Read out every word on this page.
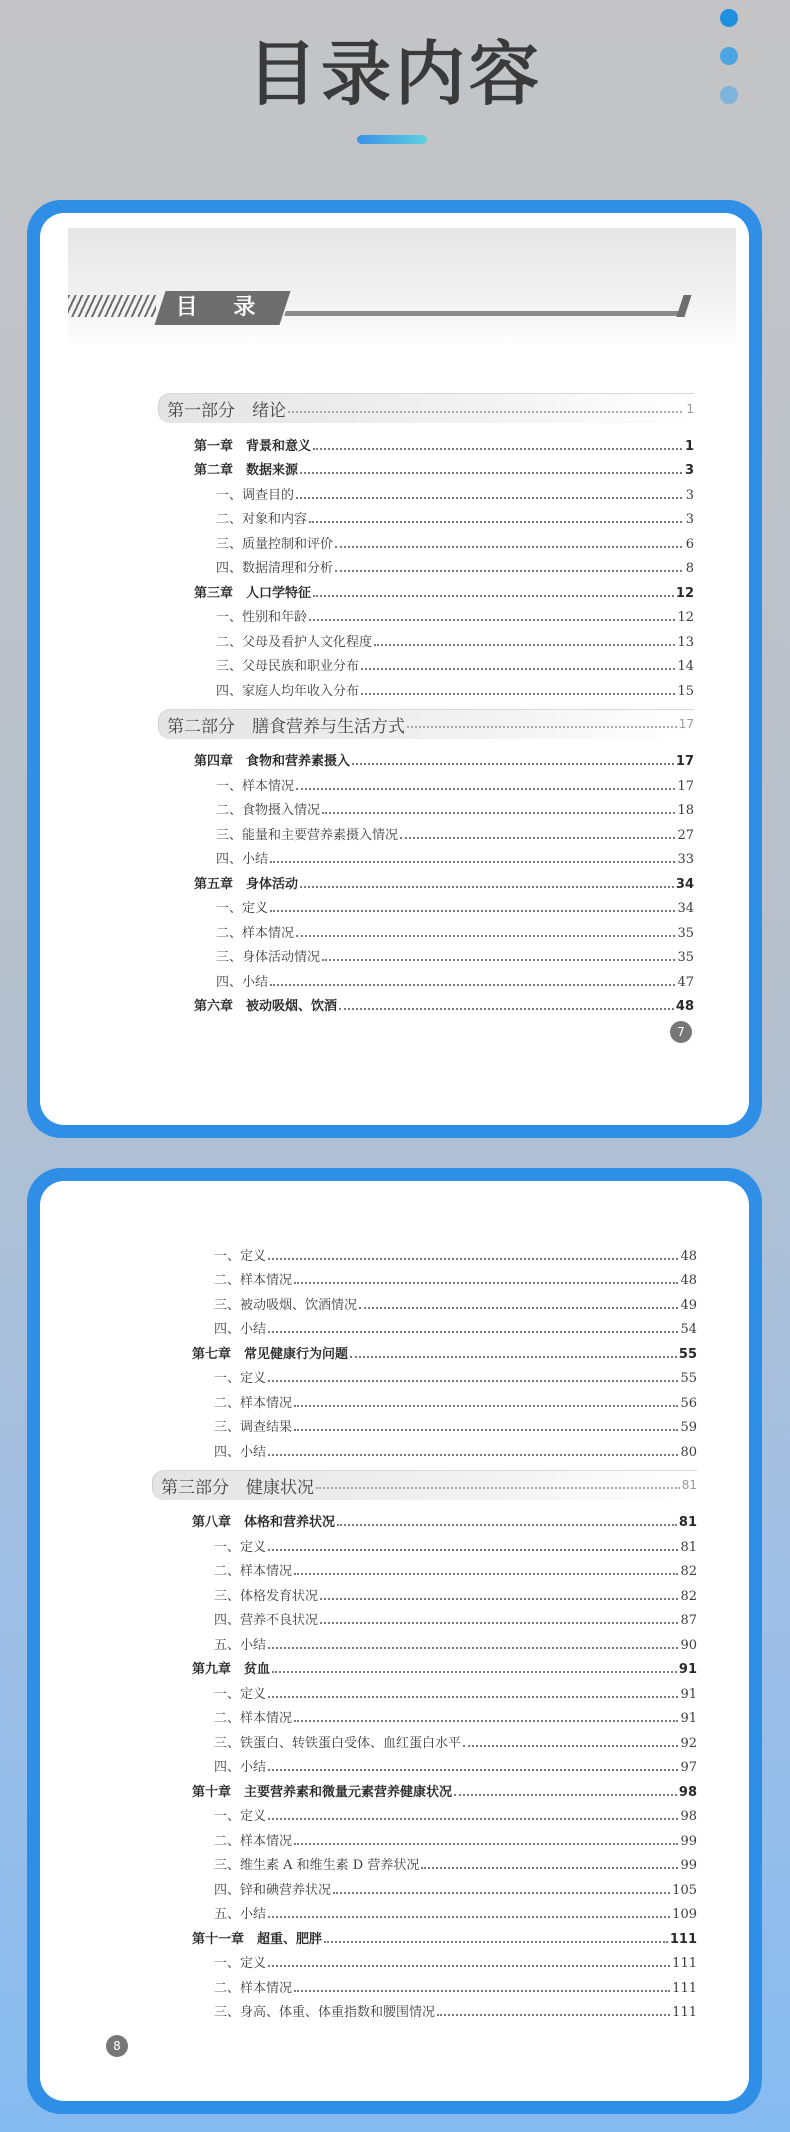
目录内容
目 录
第一部分　绪论	1
第一章　背景和意义	1
第二章　数据来源	3
一、调查目的	3
二、对象和内容	3
三、质量控制和评价	6
四、数据清理和分析	8
第三章　人口学特征	12
一、性别和年龄	12
二、父母及看护人文化程度	13
三、父母民族和职业分布	14
四、家庭人均年收入分布	15
第二部分　膳食营养与生活方式	17
第四章　食物和营养素摄入	17
一、样本情况	17
二、食物摄入情况	18
三、能量和主要营养素摄入情况	27
四、小结	33
第五章　身体活动	34
一、定义	34
二、样本情况	35
三、身体活动情况	35
四、小结	47
第六章　被动吸烟、饮酒	48
7
一、定义	48
二、样本情况	48
三、被动吸烟、饮酒情况	49
四、小结	54
第七章　常见健康行为问题	55
一、定义	55
二、样本情况	56
三、调查结果	59
四、小结	80
第三部分　健康状况	81
第八章　体格和营养状况	81
一、定义	81
二、样本情况	82
三、体格发育状况	82
四、营养不良状况	87
五、小结	90
第九章　贫血	91
一、定义	91
二、样本情况	91
三、铁蛋白、转铁蛋白受体、血红蛋白水平	92
四、小结	97
第十章　主要营养素和微量元素营养健康状况	98
一、定义	98
二、样本情况	99
三、维生素 A 和维生素 D 营养状况	99
四、锌和碘营养状况	105
五、小结	109
第十一章　超重、肥胖	111
一、定义	111
二、样本情况	111
三、身高、体重、体重指数和腰围情况	111
8
